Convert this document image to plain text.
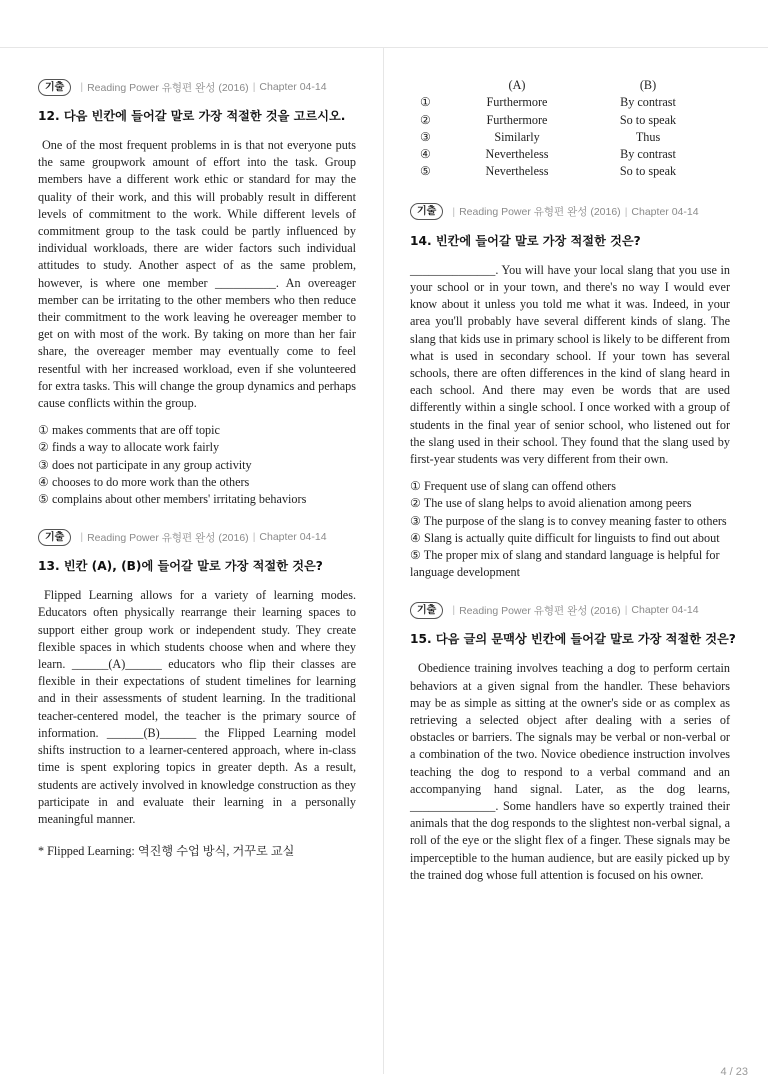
기출	| Reading Power 유형편 완성 (2016) | Chapter 04-14
12. 다음 빈칸에 들어갈 말로 가장 적절한 것을 고르시오.

One of the most frequent problems in is that not everyone puts the same groupwork amount of effort into the task. Group members have a different work ethic or standard for may the quality of their work, and this will probably result in different levels of commitment to the work. While different levels of commitment group to the task could be partly influenced by individual workloads, there are wider factors such individual attitudes to study. Another aspect of as the same problem, however, is where one member __________. An overeager member can be irritating to the other members who then reduce their commitment to the work leaving he overeager member to get on with most of the work. By taking on more than her fair share, the overeager member may eventually come to feel resentful with her increased workload, even if she volunteered for extra tasks. This will change the group dynamics and perhaps cause conflicts within the group.

① makes comments that are off topic
② finds a way to allocate work fairly
③ does not participate in any group activity
④ chooses to do more work than the others
⑤ complains about other members' irritating behaviors
기출	| Reading Power 유형편 완성 (2016) | Chapter 04-14
13. 빈칸 (A), (B)에 들어갈 말로 가장 적절한 것은?

Flipped Learning allows for a variety of learning modes. Educators often physically rearrange their learning spaces to support either group work or independent study. They create flexible spaces in which students choose when and where they learn. ______(A)______ educators who flip their classes are flexible in their expectations of student timelines for learning and in their assessments of student learning. In the traditional teacher-centered model, the teacher is the primary source of information. ______(B)______ the Flipped Learning model shifts instruction to a learner-centered approach, where in-class time is spent exploring topics in greater depth. As a result, students are actively involved in knowledge construction as they participate in and evaluate their learning in a personally meaningful manner.

* Flipped Learning: 역진행 수업 방식, 거꾸로 교실
	(A)	(B)
①	Furthermore	By contrast
②	Furthermore	So to speak
③	Similarly	Thus
④	Nevertheless	By contrast
⑤	Nevertheless	So to speak
기출	| Reading Power 유형편 완성 (2016) | Chapter 04-14
14. 빈칸에 들어갈 말로 가장 적절한 것은?

______________. You will have your local slang that you use in your school or in your town, and there's no way I would ever know about it unless you told me what it was. Indeed, in your area you'll probably have several different kinds of slang. The slang that kids use in primary school is likely to be different from what is used in secondary school. If your town has several schools, there are often differences in the kind of slang heard in each school. And there may even be words that are used differently within a single school. I once worked with a group of students in the final year of senior school, who listened out for the slang used in their school. They found that the slang used by first-year students was very different from their own.

① Frequent use of slang can offend others
② The use of slang helps to avoid alienation among peers
③ The purpose of the slang is to convey meaning faster to others
④ Slang is actually quite difficult for linguists to find out about
⑤ The proper mix of slang and standard language is helpful for language development
기출	| Reading Power 유형편 완성 (2016) | Chapter 04-14
15. 다음 글의 문맥상 빈칸에 들어갈 말로 가장 적절한 것은?

Obedience training involves teaching a dog to perform certain behaviors at a given signal from the handler. These behaviors may be as simple as sitting at the owner's side or as complex as retrieving a selected object after dealing with a series of obstacles or barriers. The signals may be verbal or non-verbal or a combination of the two. Novice obedience instruction involves teaching the dog to respond to a verbal command and an accompanying hand signal. Later, as the dog learns, ______________. Some handlers have so expertly trained their animals that the dog responds to the slightest non-verbal signal, a roll of the eye or the slight flex of a finger. These signals may be imperceptible to the human audience, but are easily picked up by the trained dog whose full attention is focused on his owner.

4 / 23
